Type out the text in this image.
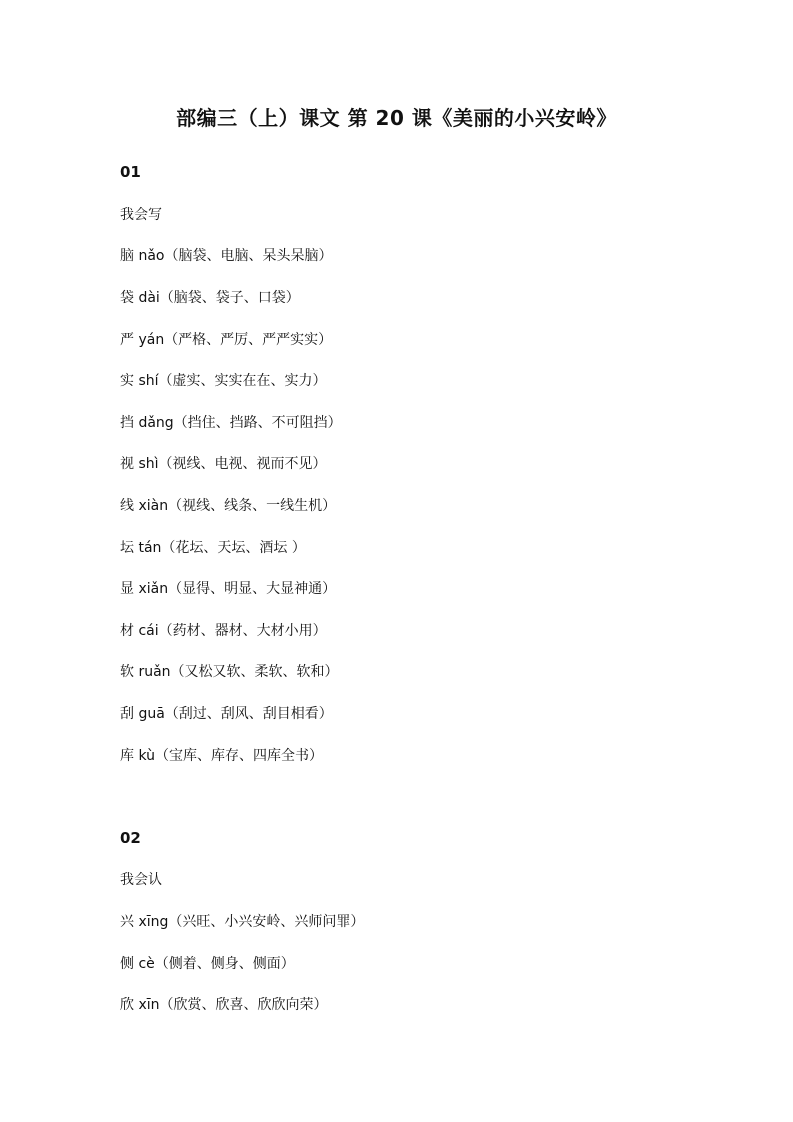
部编三（上）课文 第 20 课《美丽的小兴安岭》
01
我会写
脑 nǎo（脑袋、电脑、呆头呆脑）
袋 dài（脑袋、袋子、口袋）
严 yán（严格、严厉、严严实实）
实 shí（虚实、实实在在、实力）
挡 dǎng（挡住、挡路、不可阻挡）
视 shì（视线、电视、视而不见）
线 xiàn（视线、线条、一线生机）
坛 tán（花坛、天坛、酒坛 ）
显 xiǎn（显得、明显、大显神通）
材 cái（药材、器材、大材小用）
软 ruǎn（又松又软、柔软、软和）
刮 guā（刮过、刮风、刮目相看）
库 kù（宝库、库存、四库全书）
02
我会认
兴 xīng（兴旺、小兴安岭、兴师问罪）
侧 cè（侧着、侧身、侧面）
欣 xīn（欣赏、欣喜、欣欣向荣）
